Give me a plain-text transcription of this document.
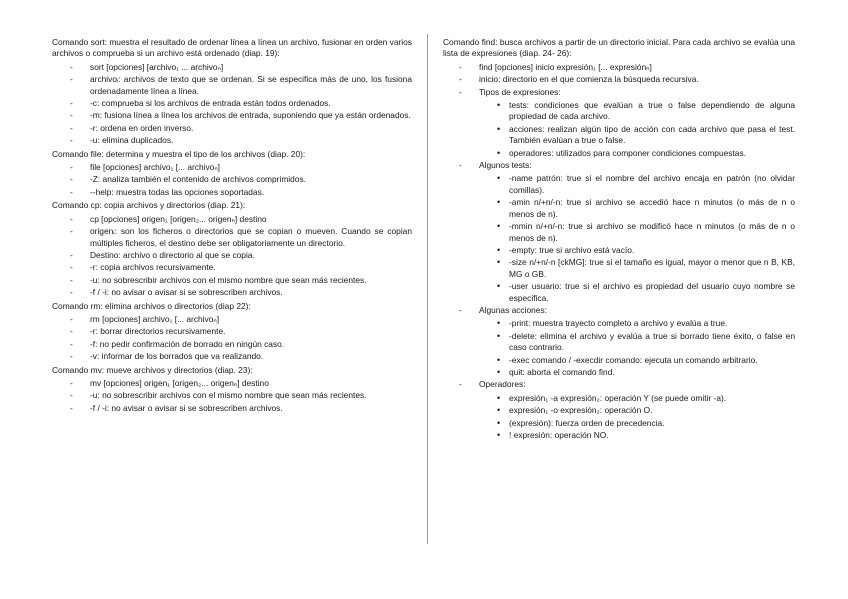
Comando sort: muestra el resultado de ordenar línea a línea un archivo, fusionar en orden varios archivos o comprueba si un archivo está ordenado (diap. 19):

- sort [opciones] [archivo₁ ... archivoₙ]
- archivoᵢ: archivos de texto que se ordenan. Si se especifica más de uno, los fusiona ordenadamente línea a línea.
- -c: comprueba si los archivos de entrada están todos ordenados.
- -m: fusiona línea a línea los archivos de entrada, suponiendo que ya están ordenados.
- -r: ordena en orden inverso.
- -u: elimina duplicados.

Comando file: determina y muestra el tipo de los archivos (diap. 20):

- file [opciones] archivo₁ [... archivoₙ]
- -Z: analiza también el contenido de archivos comprimidos.
- --help: muestra todas las opciones soportadas.

Comando cp: copia archivos y directorios (diap. 21):

- cp [opciones] origen₁ [origen₂... origenₙ] destino
- origenᵢ: son los ficheros o directorios que se copian o mueven. Cuando se copian múltiples ficheros, el destino debe ser obligatoriamente un directorio.
- Destino: archivo o directorio al que se copia.
- -r: copia archivos recursivamente.
- -u: no sobrescribir archivos con el mismo nombre que sean más recientes.
- -f / -i: no avisar o avisar si se sobrescriben archivos.

Comando rm: elimina archivos o directorios (diap 22):

- rm [opciones] archivo₁ [... archivoₙ]
- -r: borrar directorios recursivamente.
- -f: no pedir confirmación de borrado en ningún caso.
- -v: informar de los borrados que va realizando.

Comando mv: mueve archivos y directorios (diap. 23):

- mv [opciones] origen₁ [origen₂... origenₙ] destino
- -u: no sobrescribir archivos con el mismo nombre que sean más recientes.
- -f / -i: no avisar o avisar si se sobrescriben archivos.

Comando find: busca archivos a partir de un directorio inicial. Para cada archivo se evalúa una lista de expresiones (diap. 24- 26):

- find [opciones] inicio expresión₁ [... expresiónₙ]
- inicio: directorio en el que comienza la búsqueda recursiva.
- Tipos de expresiones:
• tests: condiciones que evalúan a true o false dependiendo de alguna propiedad de cada archivo.
• acciones: realizan algún tipo de acción con cada archivo que pasa el test. También evalúan a true o false.
• operadores: utilizados para componer condiciones compuestas.
- Algunos tests:
• -name patrón: true si el nombre del archivo encaja en patrón (no olvidar comillas).
• -amin n/+n/-n: true si archivo se accedió hace n minutos (o más de n o menos de n).
• -mmin n/+n/-n: true si archivo se modificó hace n minutos (o más de n o menos de n).
• -empty: true si archivo está vacío.
• -size n/+n/-n [ckMG]: true si el tamaño es igual, mayor o menor que n B, KB, MG o GB.
• -user usuario: true si el archivo es propiedad del usuario cuyo nombre se especifica.
- Algunas acciones:
• -print: muestra trayecto completo a archivo y evalúa a true.
• -delete: elimina el archivo y evalúa a true si borrado tiene éxito, o false en caso contrario.
• -exec comando / -execdir comando: ejecuta un comando arbitrario.
• quit: aborta el comando find.
- Operadores:
• expresión₁ -a expresión₂: operación Y (se puede omitir -a).
• expresión₁ -o expresión₂: operación O.
• (expresión): fuerza orden de precedencia.
• ! expresión: operación NO.
